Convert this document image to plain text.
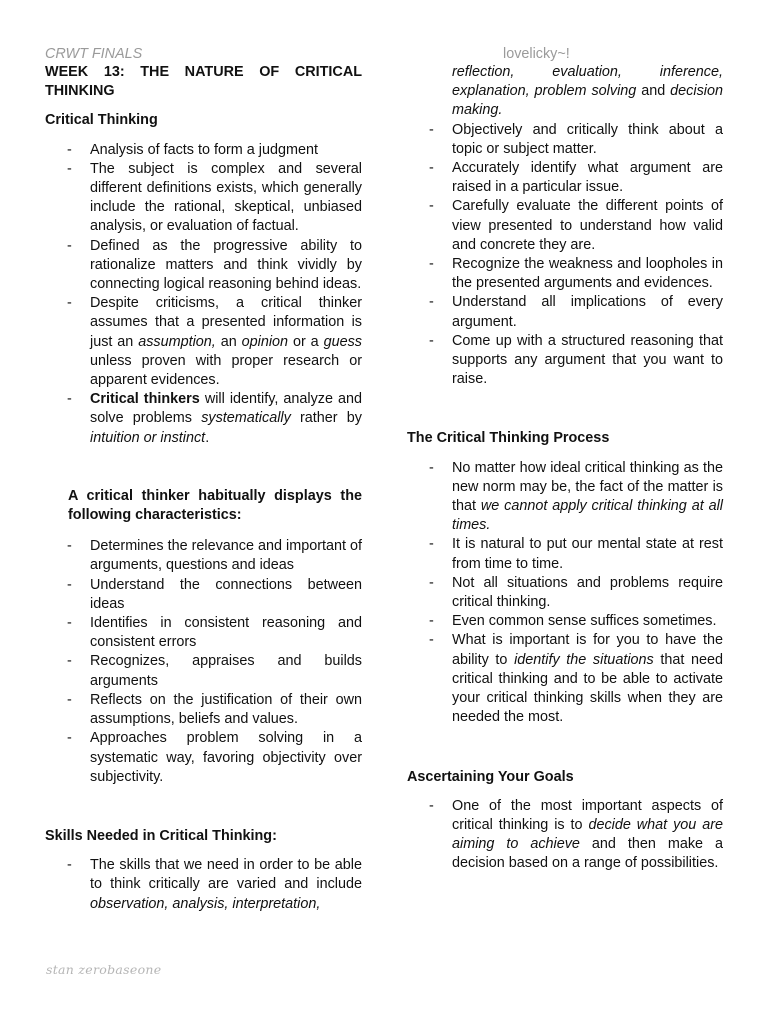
CRWT FINALS	lovelicky~!

WEEK 13: THE NATURE OF CRITICAL THINKING

Critical Thinking

- Analysis of facts to form a judgment
- The subject is complex and several different definitions exists, which generally include the rational, skeptical, unbiased analysis, or evaluation of factual.
- Defined as the progressive ability to rationalize matters and think vividly by connecting logical reasoning behind ideas.
- Despite criticisms, a critical thinker assumes that a presented information is just an assumption, an opinion or a guess unless proven with proper research or apparent evidences.
- Critical thinkers will identify, analyze and solve problems systematically rather by intuition or instinct.

A critical thinker habitually displays the following characteristics:

- Determines the relevance and important of arguments, questions and ideas
- Understand the connections between ideas
- Identifies in consistent reasoning and consistent errors
- Recognizes, appraises and builds arguments
- Reflects on the justification of their own assumptions, beliefs and values.
- Approaches problem solving in a systematic way, favoring objectivity over subjectivity.

Skills Needed in Critical Thinking:

- The skills that we need in order to be able to think critically are varied and include observation, analysis, interpretation,
reflection, evaluation, inference, explanation, problem solving and decision making.
- Objectively and critically think about a topic or subject matter.
- Accurately identify what argument are raised in a particular issue.
- Carefully evaluate the different points of view presented to understand how valid and concrete they are.
- Recognize the weakness and loopholes in the presented arguments and evidences.
- Understand all implications of every argument.
- Come up with a structured reasoning that supports any argument that you want to raise.

The Critical Thinking Process

- No matter how ideal critical thinking as the new norm may be, the fact of the matter is that we cannot apply critical thinking at all times.
- It is natural to put our mental state at rest from time to time.
- Not all situations and problems require critical thinking.
- Even common sense suffices sometimes.
- What is important is for you to have the ability to identify the situations that need critical thinking and to be able to activate your critical thinking skills when they are needed the most.

Ascertaining Your Goals

- One of the most important aspects of critical thinking is to decide what you are aiming to achieve and then make a decision based on a range of possibilities.
stan zerobaseone
